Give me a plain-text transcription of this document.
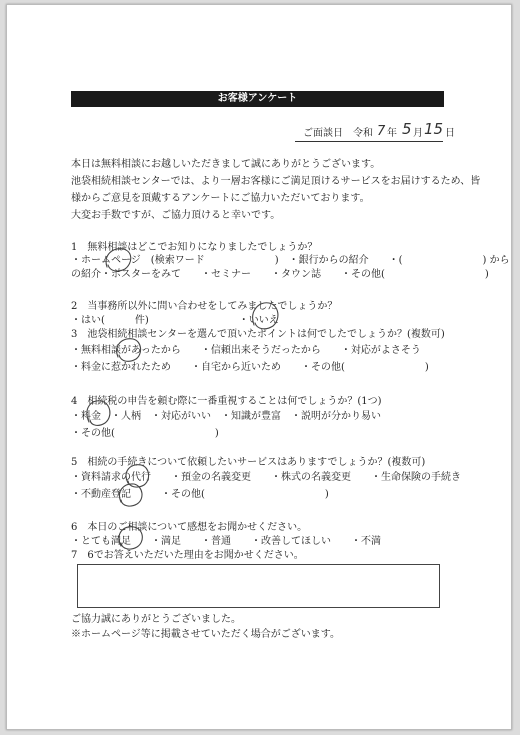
お客様アンケート
ご面談日 令和 7 年 5 月 15 日
本日は無料相談にお越しいただきまして誠にありがとうございます。
池袋相続相談センターでは、より一層お客様にご満足頂けるサービスをお届けするため、皆
様からご意見を頂戴するアンケートにご協力いただいております。
大変お手数ですが、ご協力頂けると幸いです。
1　無料相談はどこでお知りになりましたでしょうか？
・ホームページ　(検索ワード　　　　　　　)　・銀行からの紹介　　・(　　　　　　　　) から
の紹介・ポスターをみて　　・セミナー　　・タウン誌　　・その他(　　　　　　　　　　)
2　当事務所以外に問い合わせをしてみましたでしょうか？
・はい(　　　件)　　　　　　　　　・いいえ
3　池袋相続相談センターを選んで頂いたポイントは何でしたでしょうか？(複数可)
・無料相談があったから　　・信頼出来そうだったから　　・対応がよさそう
・料金に惹かれたため　　・自宅から近いため　　・その他(　　　　　　　　)
4　相続税の申告を頼む際に一番重視することは何でしょうか？(1つ)
・料金　・人柄　・対応がいい　・知識が豊富　・説明が分かり易い
・その他(　　　　　　　　　　)
5　相続の手続きについて依頼したいサービスはありますでしょうか？(複数可)
・資料請求の代行　　・預金の名義変更　　・株式の名義変更　　・生命保険の手続き
・不動産登記　　　・その他(　　　　　　　　　　　　)
6　本日のご相談について感想をお聞かせください。
・とても満足　　・満足　　・普通　　・改善してほしい　　・不満
7　6でお答えいただいた理由をお聞かせください。
ご協力誠にありがとうございました。
※ホームページ等に掲載させていただく場合がございます。
